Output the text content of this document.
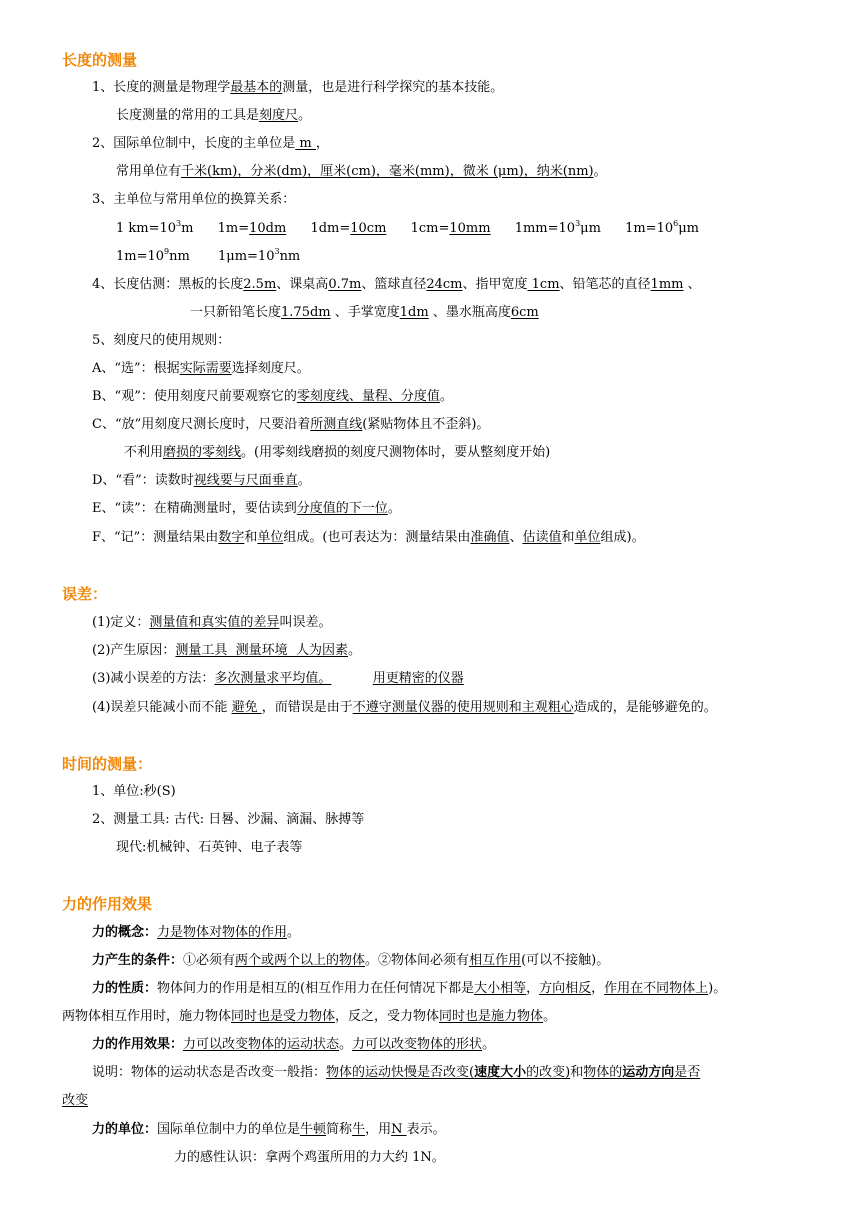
长度的测量
1、长度的测量是物理学最基本的测量，也是进行科学探究的基本技能。
长度测量的常用的工具是刻度尺。
2、国际单位制中，长度的主单位是 m ，
常用单位有千米(km)，分米(dm)，厘米(cm)，毫米(mm)，微米 (μm)，纳米(nm)。
3、主单位与常用单位的换算关系：
1 $km=10^3m$ 1m=10dm 1dm=10cm 1cm=10mm $1mm=10^3\mu m$ $1m=10^6\mu m$
$1m=10^9nm$ $1\mu m=10^3nm$
4、长度估测：黑板的长度2.5m、课桌高0.7m、篮球直径24cm、指甲宽度 1cm、铅笔芯的直径1mm 、
一只新铅笔长度1.75dm 、手掌宽度1dm 、墨水瓶高度6cm
5、刻度尺的使用规则：
A、“选”：根据实际需要选择刻度尺。
B、“观”：使用刻度尺前要观察它的零刻度线、量程、分度值。
C、“放”用刻度尺测长度时，尺要沿着所测直线(紧贴物体且不歪斜)。
不利用磨损的零刻线。(用零刻线磨损的刻度尺测物体时，要从整刻度开始)
D、“看”：读数时视线要与尺面垂直。
E、“读”：在精确测量时，要估读到分度值的下一位。
F、“记”：测量结果由数字和单位组成。(也可表达为：测量结果由准确值、估读值和单位组成)。
误差：
(1)定义：测量值和真实值的差异叫误差。
(2)产生原因：测量工具  测量环境  人为因素。
(3)减小误差的方法：多次测量求平均值。	用更精密的仪器
(4)误差只能减小而不能 避免 ，而错误是由于不遵守测量仪器的使用规则和主观粗心造成的，是能够避免的。
时间的测量：
1、单位:秒(S)
2、测量工具: 古代: 日晷、沙漏、滴漏、脉搏等
现代:机械钟、石英钟、电子表等
力的作用效果
力的概念：力是物体对物体的作用。
力产生的条件：①必须有两个或两个以上的物体。②物体间必须有相互作用(可以不接触)。
力的性质：物体间力的作用是相互的(相互作用力在任何情况下都是大小相等，方向相反，作用在不同物体上)。
两物体相互作用时，施力物体同时也是受力物体，反之，受力物体同时也是施力物体。
力的作用效果：力可以改变物体的运动状态。力可以改变物体的形状。
说明：物体的运动状态是否改变一般指：物体的运动快慢是否改变(速度大小的改变)和物体的运动方向是否
改变
力的单位：国际单位制中力的单位是牛顿简称牛，用N 表示。
力的感性认识：拿两个鸡蛋所用的力大约 1N。
